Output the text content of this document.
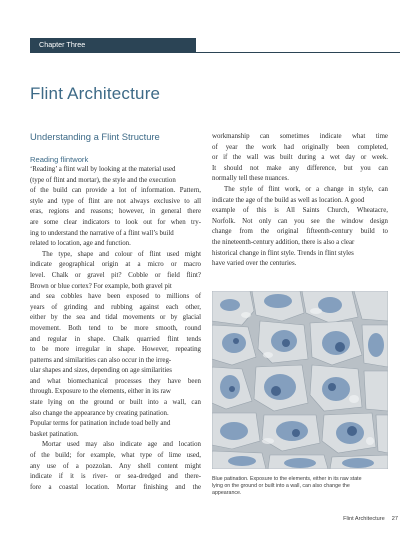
Chapter Three
Flint Architecture
Understanding a Flint Structure
Reading flintwork
‘Reading’ a flint wall by looking at the material used
(type of flint and mortar), the style and the execution
of the build can provide a lot of information. Pattern,
style and type of flint are not always exclusive to all
eras, regions and reasons; however, in general there
are some clear indicators to look out for when try-
ing to understand the narrative of a flint wall’s build
related to location, age and function.
The type, shape and colour of flint used might
indicate geographical origin at a micro or macro
level. Chalk or gravel pit? Cobble or field flint?
Brown or blue cortex? For example, both gravel pit
and sea cobbles have been exposed to millions of
years of grinding and rubbing against each other,
either by the sea and tidal movements or by glacial
movement. Both tend to be more smooth, round
and regular in shape. Chalk quarried flint tends
to be more irregular in shape. However, repeating
patterns and similarities can also occur in the irreg-
ular shapes and sizes, depending on age similarities
and what biomechanical processes they have been
through. Exposure to the elements, either in its raw
state lying on the ground or built into a wall, can
also change the appearance by creating patination.
Popular terms for patination include toad belly and
basket patination.
Mortar used may also indicate age and location
of the build; for example, what type of lime used,
any use of a pozzolan. Any shell content might
indicate if it is river- or sea-dredged and there-
fore a coastal location. Mortar finishing and the
workmanship can sometimes indicate what time
of year the work had originally been completed,
or if the wall was built during a wet day or week.
It should not make any difference, but you can
normally tell these nuances.
The style of flint work, or a change in style, can
indicate the age of the build as well as location. A good
example of this is All Saints Church, Wheatacre,
Norfolk. Not only can you see the window design
change from the original fifteenth-century build to
the nineteenth-century addition, there is also a clear
historical change in flint style. Trends in flint styles
have varied over the centuries.
Blue patination. Exposure to the elements, either in its raw state
lying on the ground or built into a wall, can also change the
appearance.
Flint Architecture 27
